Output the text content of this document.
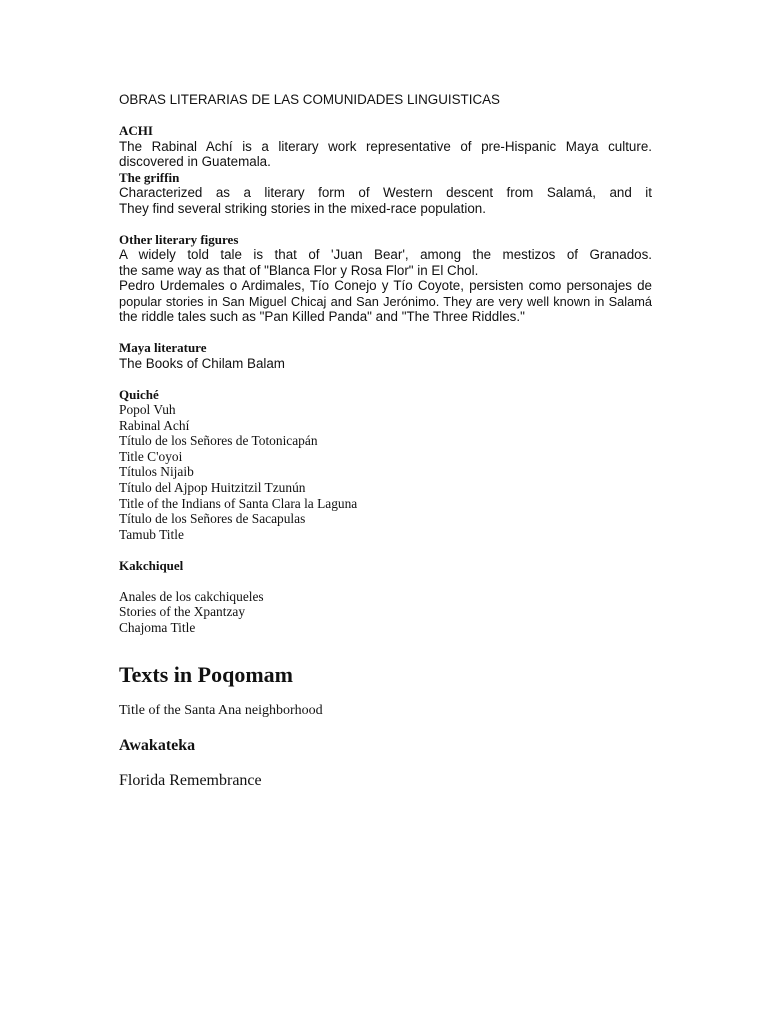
OBRAS LITERARIAS DE LAS COMUNIDADES LINGUISTICAS
ACHI
The Rabinal Achí is a literary work representative of pre-Hispanic Maya culture.
discovered in Guatemala.
The griffin
Characterized as a literary form of Western descent from Salamá, and it
They find several striking stories in the mixed-race population.
Other literary figures
A widely told tale is that of 'Juan Bear', among the mestizos of Granados.
the same way as that of "Blanca Flor y Rosa Flor" in El Chol.
Pedro Urdemales o Ardimales, Tío Conejo y Tío Coyote, persisten como personajes de
popular stories in San Miguel Chicaj and San Jerónimo. They are very well known in Salamá
the riddle tales such as "Pan Killed Panda" and "The Three Riddles."
Maya literature
The Books of Chilam Balam
Quiché
Popol Vuh
Rabinal Achí
Título de los Señores de Totonicapán
Title C'oyoi
Títulos Nijaib
Título del Ajpop Huitzitzil Tzunún
Title of the Indians of Santa Clara la Laguna
Título de los Señores de Sacapulas
Tamub Title
Kakchiquel
Anales de los cakchiqueles
Stories of the Xpantzay
Chajoma Title
Texts in Poqomam

Title of the Santa Ana neighborhood

Awakateka

Florida Remembrance
